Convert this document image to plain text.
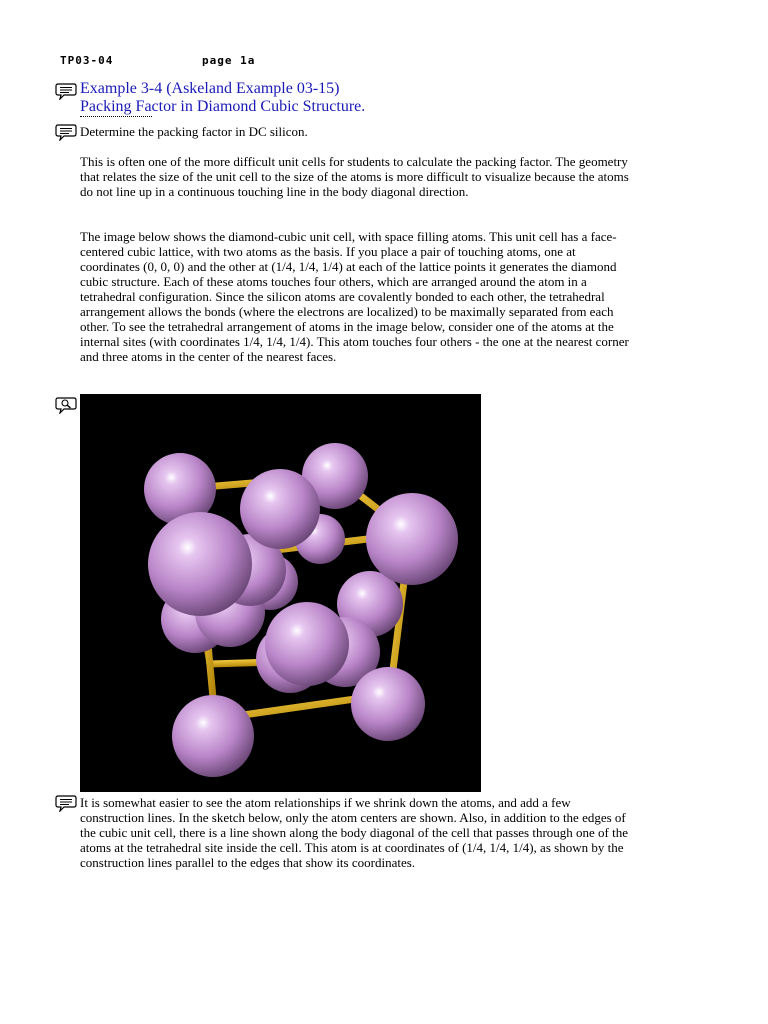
TP03-04	page 1a
Example 3-4 (Askeland Example 03-15)
Packing Factor in Diamond Cubic Structure.

Determine the packing factor in DC silicon.

This is often one of the more difficult unit cells for students to calculate the packing factor. The geometry that relates the size of the unit cell to the size of the atoms is more difficult to visualize because the atoms do not line up in a continuous touching line in the body diagonal direction.

The image below shows the diamond-cubic unit cell, with space filling atoms. This unit cell has a face-centered cubic lattice, with two atoms as the basis. If you place a pair of touching atoms, one at coordinates (0, 0, 0) and the other at (1/4, 1/4, 1/4) at each of the lattice points it generates the diamond cubic structure. Each of these atoms touches four others, which are arranged around the atom in a tetrahedral configuration. Since the silicon atoms are covalently bonded to each other, the tetrahedral arrangement allows the bonds (where the electrons are localized) to be maximally separated from each other. To see the tetrahedral arrangement of atoms in the image below, consider one of the atoms at the internal sites (with coordinates 1/4, 1/4, 1/4). This atom touches four others - the one at the nearest corner and three atoms in the center of the nearest faces.

It is somewhat easier to see the atom relationships if we shrink down the atoms, and add a few construction lines. In the sketch below, only the atom centers are shown. Also, in addition to the edges of the cubic unit cell, there is a line shown along the body diagonal of the cell that passes through one of the atoms at the tetrahedral site inside the cell. This atom is at coordinates of (1/4, 1/4, 1/4), as shown by the construction lines parallel to the edges that show its coordinates.
